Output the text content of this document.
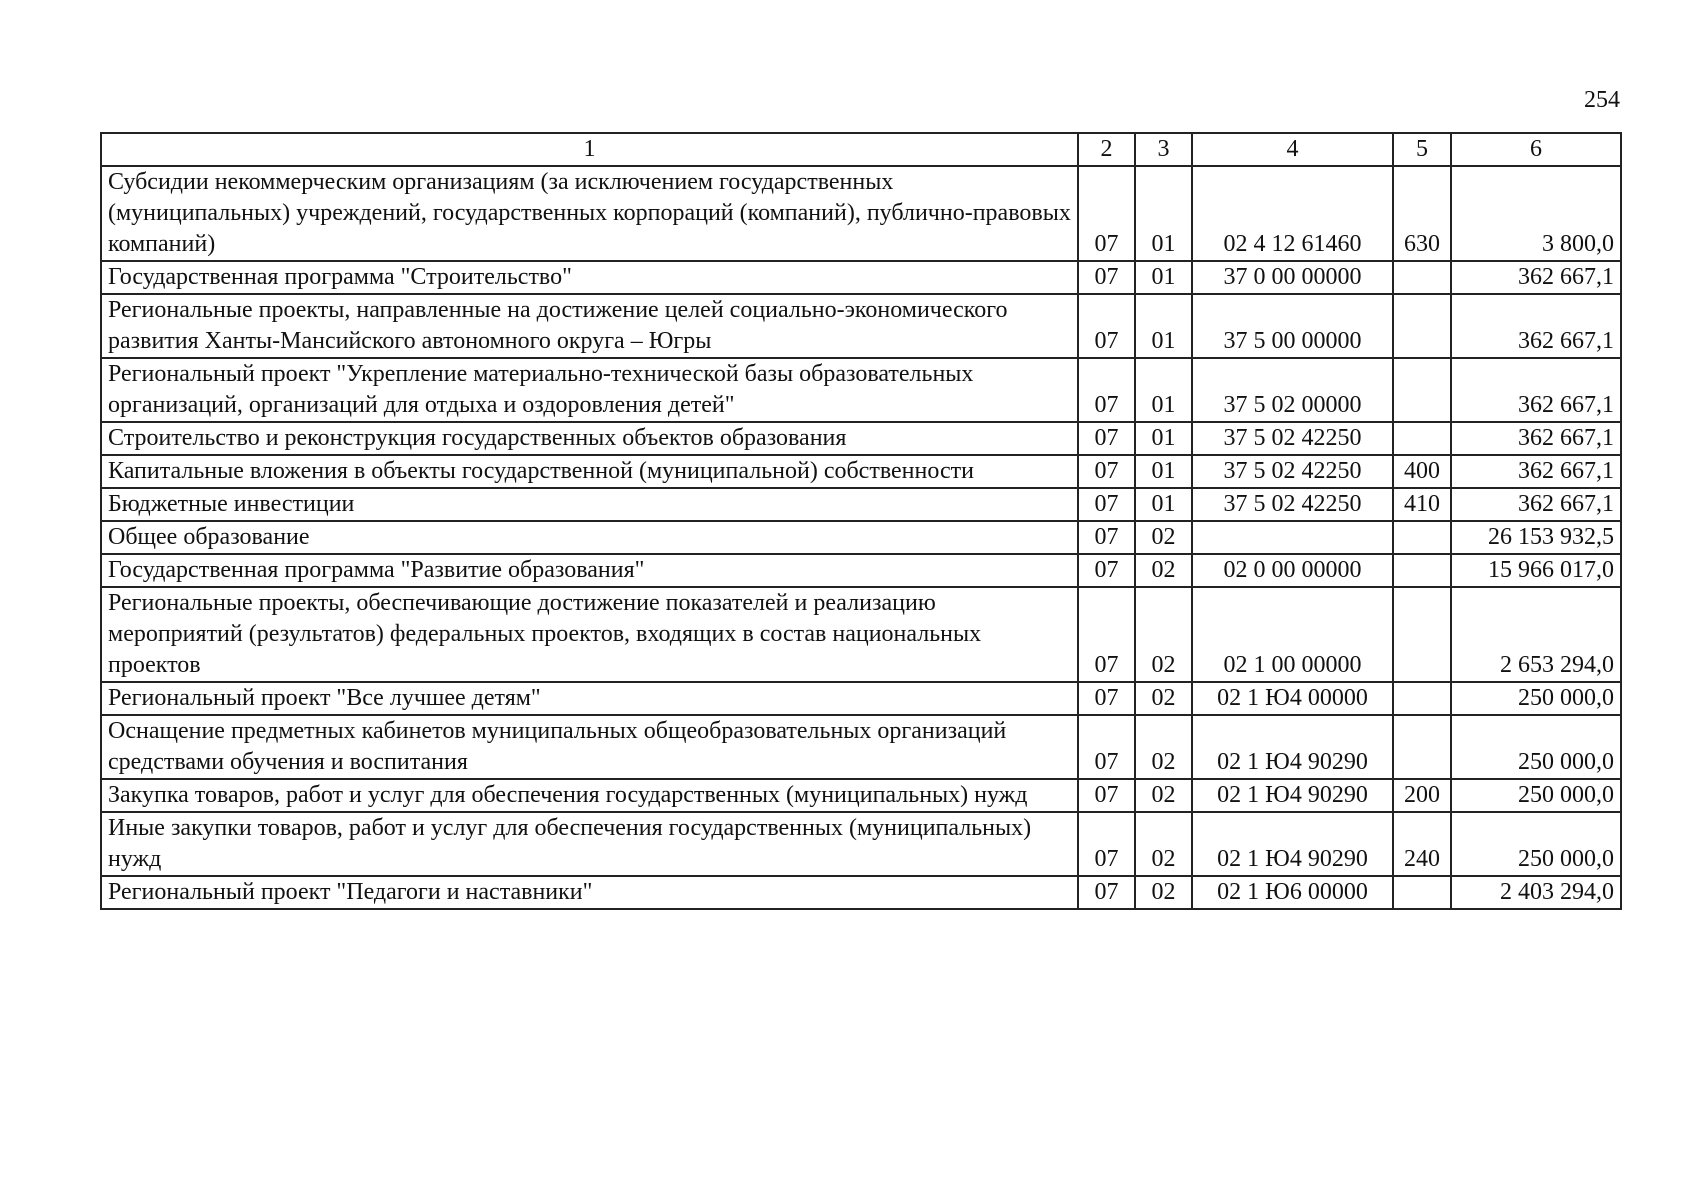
254
1	2	3	4	5	6
Субсидии некоммерческим организациям (за исключением государственных (муниципальных) учреждений, государственных корпораций (компаний), публично-правовых компаний)	07	01	02 4 12 61460	630	3 800,0
Государственная программа "Строительство"	07	01	37 0 00 00000		362 667,1
Региональные проекты, направленные на достижение целей социально-экономического развития Ханты-Мансийского автономного округа – Югры	07	01	37 5 00 00000		362 667,1
Региональный проект "Укрепление материально-технической базы образовательных организаций, организаций для отдыха и оздоровления детей"	07	01	37 5 02 00000		362 667,1
Строительство и реконструкция государственных объектов образования	07	01	37 5 02 42250		362 667,1
Капитальные вложения в объекты государственной (муниципальной) собственности	07	01	37 5 02 42250	400	362 667,1
Бюджетные инвестиции	07	01	37 5 02 42250	410	362 667,1
Общее образование	07	02			26 153 932,5
Государственная программа "Развитие образования"	07	02	02 0 00 00000		15 966 017,0
Региональные проекты, обеспечивающие достижение показателей и реализацию мероприятий (результатов) федеральных проектов, входящих в состав национальных проектов	07	02	02 1 00 00000		2 653 294,0
Региональный проект "Все лучшее детям"	07	02	02 1 Ю4 00000		250 000,0
Оснащение предметных кабинетов муниципальных общеобразовательных организаций средствами обучения и воспитания	07	02	02 1 Ю4 90290		250 000,0
Закупка товаров, работ и услуг для обеспечения государственных (муниципальных) нужд	07	02	02 1 Ю4 90290	200	250 000,0
Иные закупки товаров, работ и услуг для обеспечения государственных (муниципальных) нужд	07	02	02 1 Ю4 90290	240	250 000,0
Региональный проект "Педагоги и наставники"	07	02	02 1 Ю6 00000		2 403 294,0
